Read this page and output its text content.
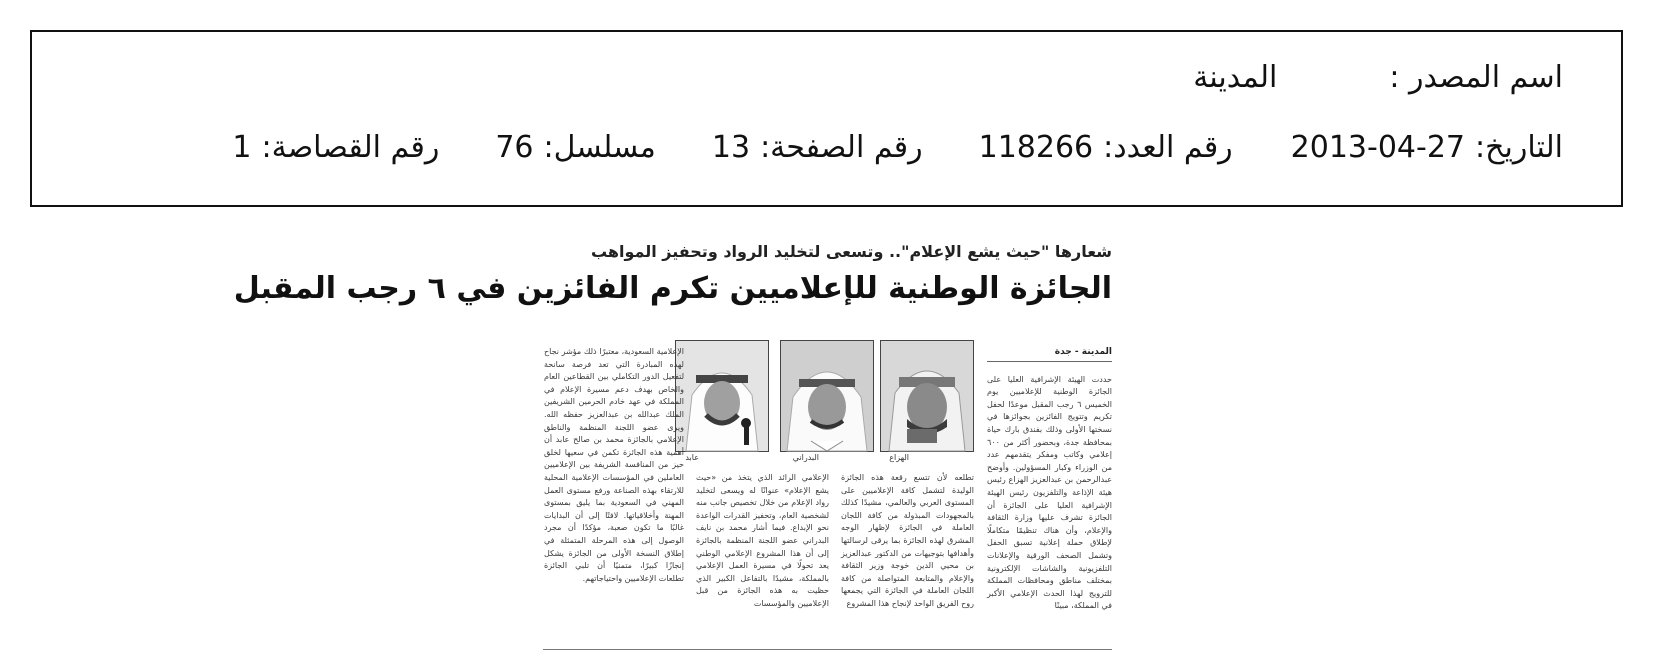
اسم المصدر :
المدينة
التاريخ:
2013-04-27
رقم العدد:
118266
رقم الصفحة:
13
مسلسل:
76
رقم القصاصة:
1
شعارها "حيث يشع الإعلام".. وتسعى لتخليد الرواد وتحفيز المواهب
الجائزة الوطنية للإعلاميين تكرم الفائزين في ٦ رجب المقبل
المدينة - جدة
حددت الهيئة الإشرافية العليا على الجائزة الوطنية للإعلاميين يوم الخميس ٦ رجب المقبل موعدًا لحفل تكريم وتتويج الفائزين بجوائزها في نسختها الأولى وذلك بفندق بارك حياة بمحافظة جدة، وبحضور أكثر من ٦٠٠ إعلامي وكاتب ومفكر يتقدمهم عدد من الوزراء وكبار المسؤولين. وأوضح عبدالرحمن بن عبدالعزيز الهزاع رئيس هيئة الإذاعة والتلفزيون رئيس الهيئة الإشرافية العليا على الجائزة أن الجائزة تشرف عليها وزارة الثقافة والإعلام، وأن هناك تنظيمًا متكاملًا لإطلاق حملة إعلانية تسبق الحفل وتشمل الصحف الورقية والإعلانات التلفزيونية والشاشات الإلكترونية بمختلف مناطق ومحافظات المملكة للترويج لهذا الحدث الإعلامي الأكبر في المملكة، مبينًا
الهزاع
البدراني
عابد
تطلعه لأن تتسع رقعة هذه الجائزة الوليدة لتشمل كافة الإعلاميين على المستوى العربي والعالمي، مشيدًا كذلك بالمجهودات المبذولة من كافة اللجان العاملة في الجائزة لإظهار الوجه المشرق لهذه الجائزة بما يرقى لرسالتها وأهدافها بتوجيهات من الدكتور عبدالعزيز بن محيي الدين خوجة وزير الثقافة والإعلام والمتابعة المتواصلة من كافة اللجان العاملة في الجائزة التي يجمعها روح الفريق الواحد لإنجاح هذا المشروع
الإعلامي الرائد الذي يتخذ من «حيث يشع الإعلام» عنوانًا له ويسعى لتخليد رواد الإعلام من خلال تخصيص جانب منه لشخصية العام، وتحفيز القدرات الواعدة نحو الإبداع. فيما أشار محمد بن نايف البدراني عضو اللجنة المنظمة بالجائزة إلى أن هذا المشروع الإعلامي الوطني يعد تحولًا في مسيرة العمل الإعلامي بالمملكة، مشيدًا بالتفاعل الكبير الذي حظيت به هذه الجائزة من قبل الإعلاميين والمؤسسات
الإعلامية السعودية، معتبرًا ذلك مؤشر نجاح لهذه المبادرة التي تعد فرصة سانحة لتفعيل الدور التكاملي بين القطاعين العام والخاص بهدف دعم مسيرة الإعلام في المملكة في عهد خادم الحرمين الشريفين الملك عبدالله بن عبدالعزيز حفظه الله. ويرى عضو اللجنة المنظمة والناطق الإعلامي بالجائزة محمد بن صالح عابد أن أهمية هذه الجائزة تكمن في سعيها لخلق حيز من المنافسة الشريفة بين الإعلاميين العاملين في المؤسسات الإعلامية المحلية للارتقاء بهذه الصناعة ورفع مستوى العمل المهني في السعودية بما يليق بمستوى المهنة وأخلاقياتها. لافتًا إلى أن البدايات غالبًا ما تكون صعبة، مؤكدًا أن مجرد الوصول إلى هذه المرحلة المتمثلة في إطلاق النسخة الأولى من الجائزة يشكل إنجازًا كبيرًا، متمنيًا أن تلبي الجائزة تطلعات الإعلاميين واحتياجاتهم.
